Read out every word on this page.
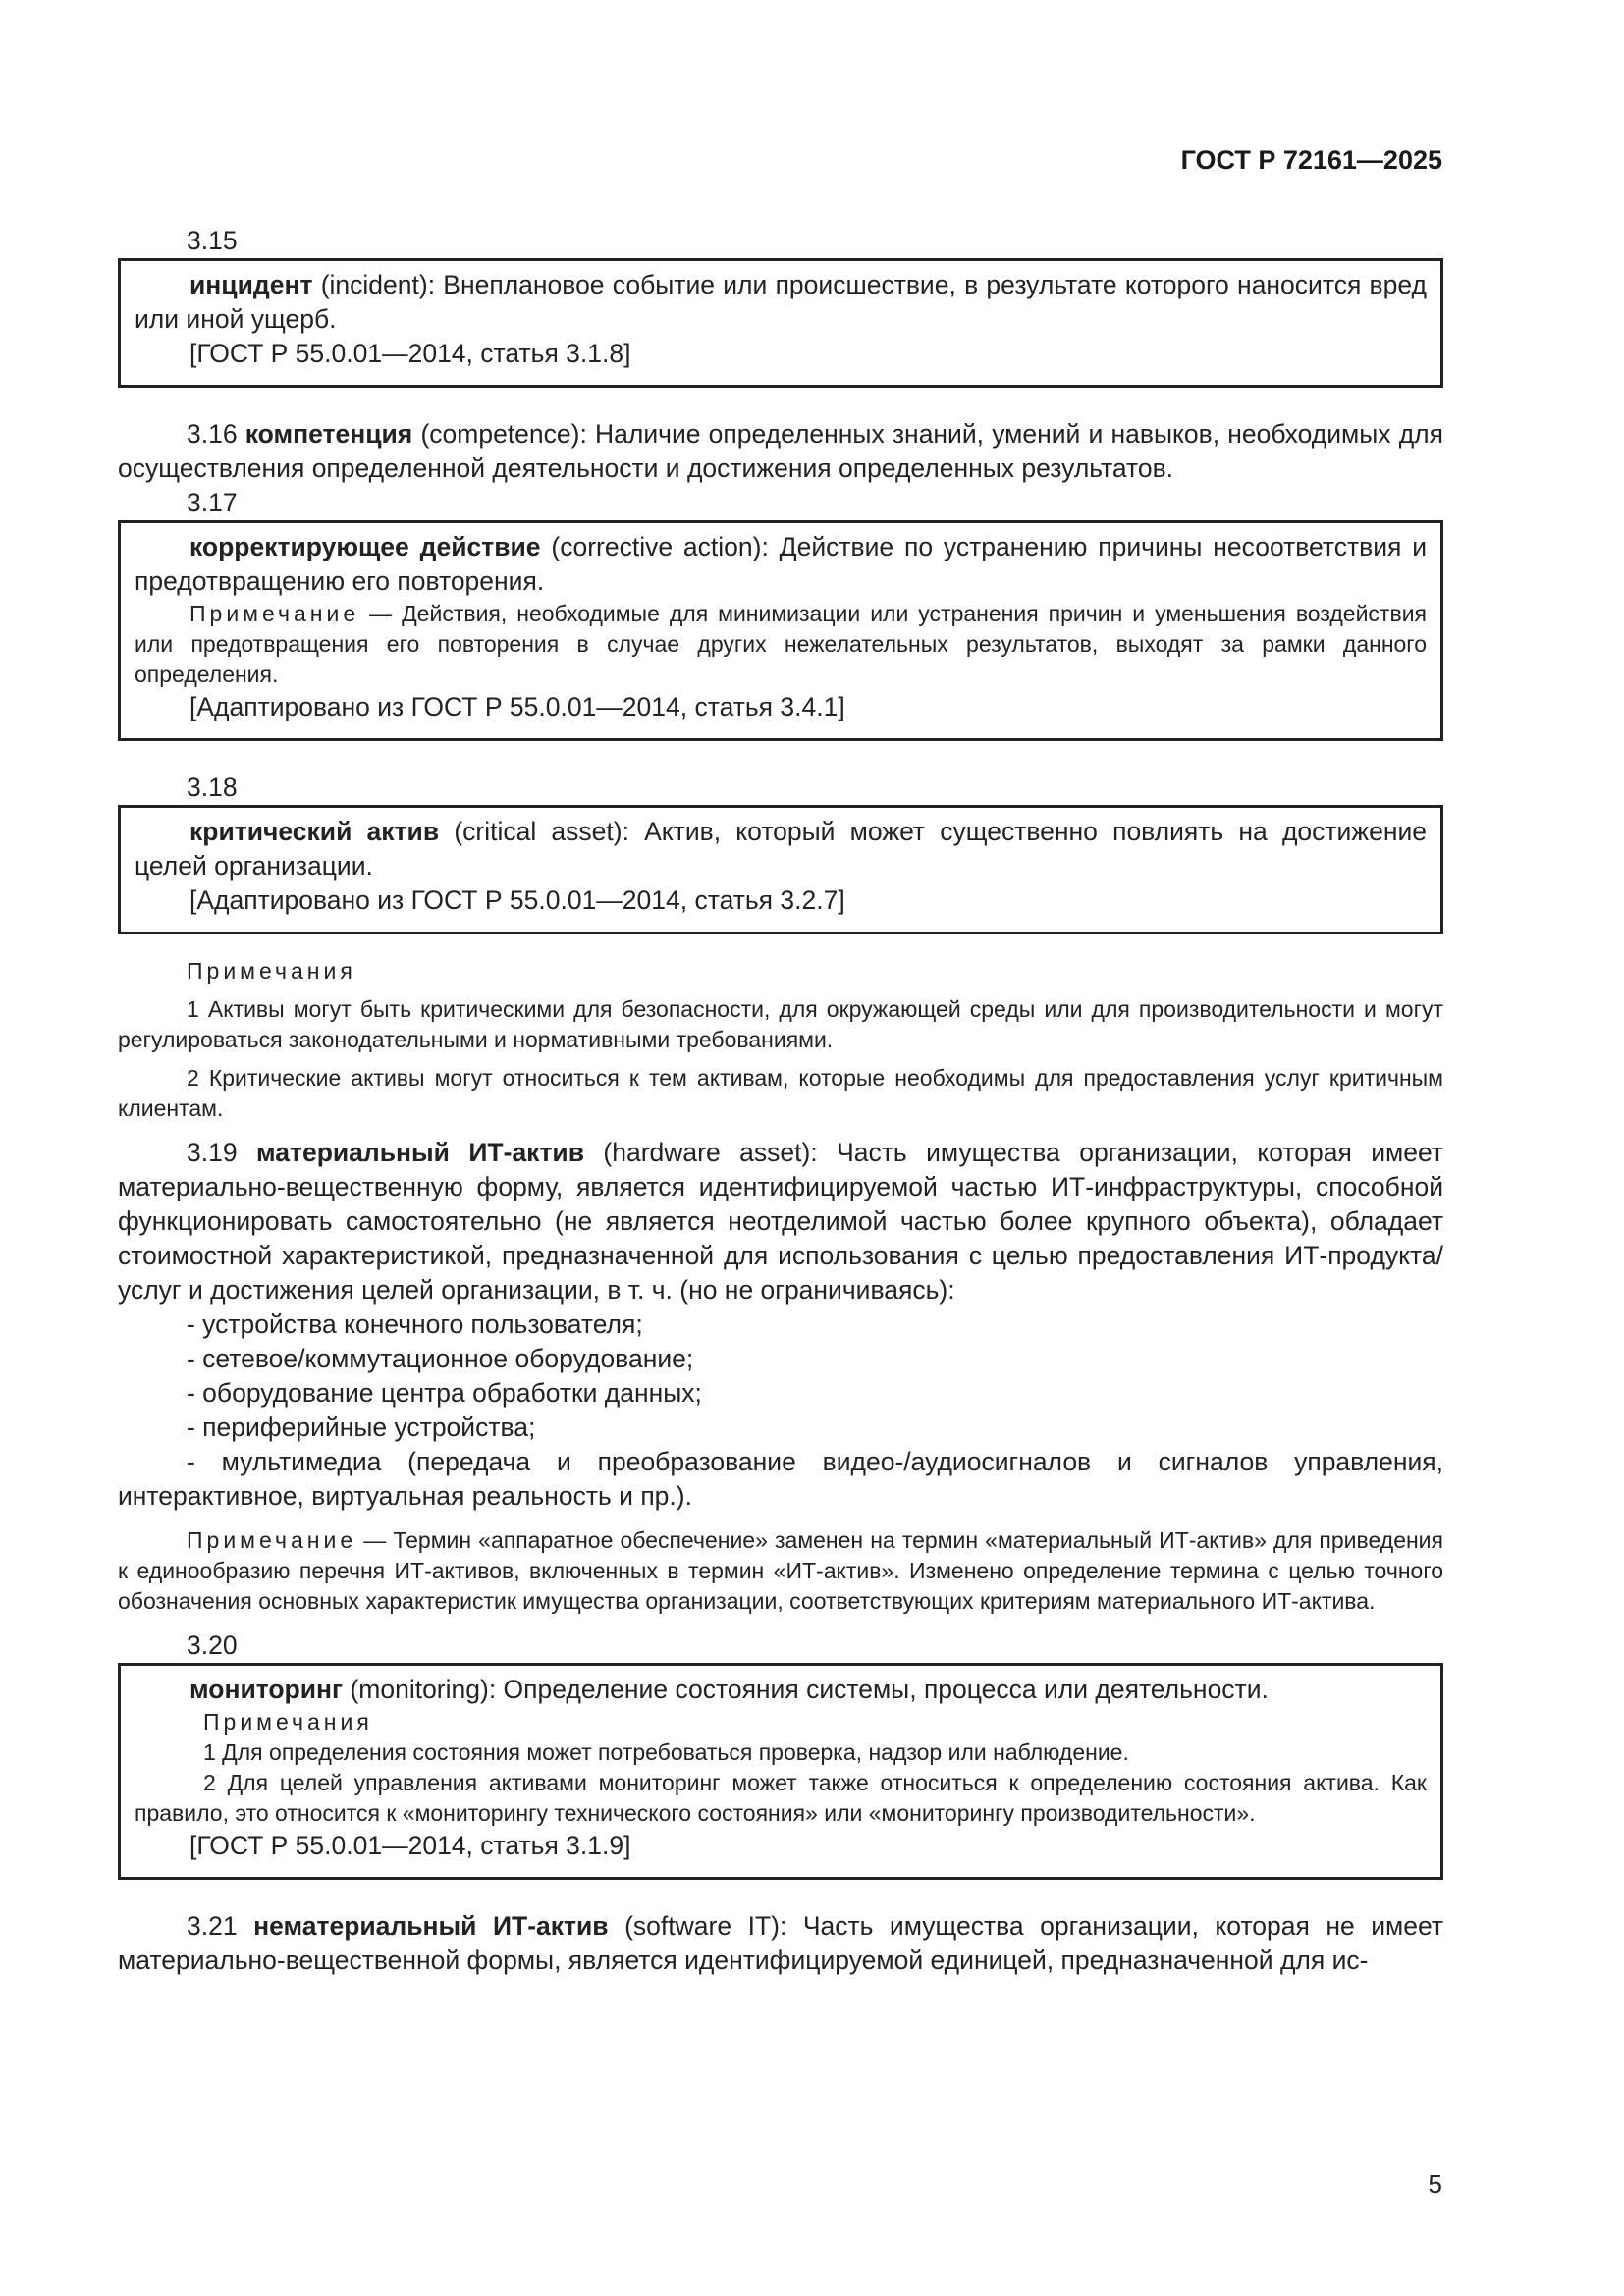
ГОСТ Р 72161—2025

3.15

инцидент (incident): Внеплановое событие или происшествие, в результате которого наносится вред или иной ущерб.

[ГОСТ Р 55.0.01—2014, статья 3.1.8]

3.16 компетенция (competence): Наличие определенных знаний, умений и навыков, необходимых для осуществления определенной деятельности и достижения определенных результатов.

3.17

корректирующее действие (corrective action): Действие по устранению причины несоответствия и предотвращению его повторения.

Примечание — Действия, необходимые для минимизации или устранения причин и уменьшения воздействия или предотвращения его повторения в случае других нежелательных результатов, выходят за рамки данного определения.

[Адаптировано из ГОСТ Р 55.0.01—2014, статья 3.4.1]

3.18

критический актив (critical asset): Актив, который может существенно повлиять на достижение целей организации.

[Адаптировано из ГОСТ Р 55.0.01—2014, статья 3.2.7]

Примечания

1 Активы могут быть критическими для безопасности, для окружающей среды или для производительности и могут регулироваться законодательными и нормативными требованиями.

2 Критические активы могут относиться к тем активам, которые необходимы для предоставления услуг критичным клиентам.

3.19 материальный ИТ-актив (hardware asset): Часть имущества организации, которая имеет материально-вещественную форму, является идентифицируемой частью ИТ-инфраструктуры, способной функционировать самостоятельно (не является неотделимой частью более крупного объекта), обладает стоимостной характеристикой, предназначенной для использования с целью предоставления ИТ-продукта/услуг и достижения целей организации, в т. ч. (но не ограничиваясь):

- устройства конечного пользователя;

- сетевое/коммутационное оборудование;

- оборудование центра обработки данных;

- периферийные устройства;

- мультимедиа (передача и преобразование видео-/аудиосигналов и сигналов управления, интерактивное, виртуальная реальность и пр.).

Примечание — Термин «аппаратное обеспечение» заменен на термин «материальный ИТ-актив» для приведения к единообразию перечня ИТ-активов, включенных в термин «ИТ-актив». Изменено определение термина с целью точного обозначения основных характеристик имущества организации, соответствующих критериям материального ИТ-актива.

3.20

мониторинг (monitoring): Определение состояния системы, процесса или деятельности.

Примечания

1 Для определения состояния может потребоваться проверка, надзор или наблюдение.

2 Для целей управления активами мониторинг может также относиться к определению состояния актива. Как правило, это относится к «мониторингу технического состояния» или «мониторингу производительности».

[ГОСТ Р 55.0.01—2014, статья 3.1.9]

3.21 нематериальный ИТ-актив (software IT): Часть имущества организации, которая не имеет материально-вещественной формы, является идентифицируемой единицей, предназначенной для ис-

5
